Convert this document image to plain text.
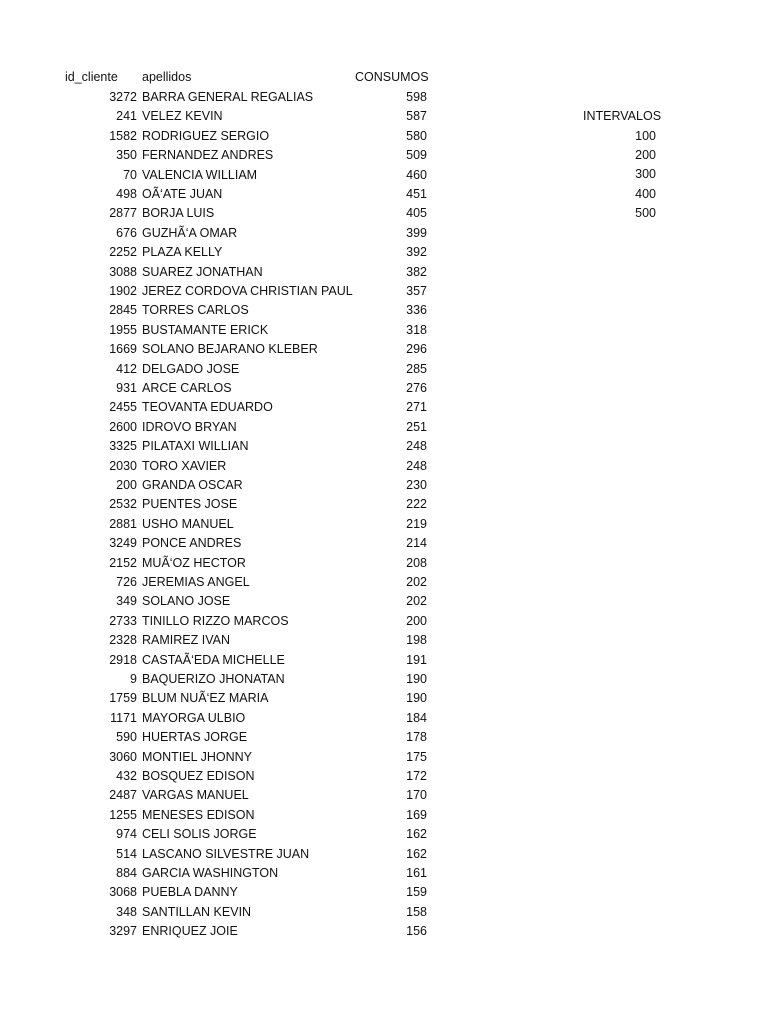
id_cliente apellidos	CONSUMOS
3272 BARRA GENERAL REGALIAS	598
241 VELEZ KEVIN	587
1582 RODRIGUEZ SERGIO	580
350 FERNANDEZ ANDRES	509
70 VALENCIA WILLIAM	460
498 OÃ‘ATE JUAN	451
2877 BORJA LUIS	405
676 GUZHÃ‘A OMAR	399
2252 PLAZA KELLY	392
3088 SUAREZ JONATHAN	382
1902 JEREZ CORDOVA CHRISTIAN PAUL	357
2845 TORRES CARLOS	336
1955 BUSTAMANTE ERICK	318
1669 SOLANO BEJARANO KLEBER	296
412 DELGADO JOSE	285
931 ARCE CARLOS	276
2455 TEOVANTA EDUARDO	271
2600 IDROVO BRYAN	251
3325 PILATAXI WILLIAN	248
2030 TORO XAVIER	248
200 GRANDA OSCAR	230
2532 PUENTES JOSE	222
2881 USHO MANUEL	219
3249 PONCE ANDRES	214
2152 MUÃ‘OZ HECTOR	208
726 JEREMIAS ANGEL	202
349 SOLANO JOSE	202
2733 TINILLO RIZZO MARCOS	200
2328 RAMIREZ IVAN	198
2918 CASTAÃ‘EDA MICHELLE	191
9 BAQUERIZO JHONATAN	190
1759 BLUM NUÃ‘EZ MARIA	190
1171 MAYORGA ULBIO	184
590 HUERTAS JORGE	178
3060 MONTIEL JHONNY	175
432 BOSQUEZ EDISON	172
2487 VARGAS MANUEL	170
1255 MENESES EDISON	169
974 CELI SOLIS JORGE	162
514 LASCANO SILVESTRE JUAN	162
884 GARCIA WASHINGTON	161
3068 PUEBLA DANNY	159
348 SANTILLAN KEVIN	158
3297 ENRIQUEZ JOIE	156
INTERVALOS
100
200
300
400
500
